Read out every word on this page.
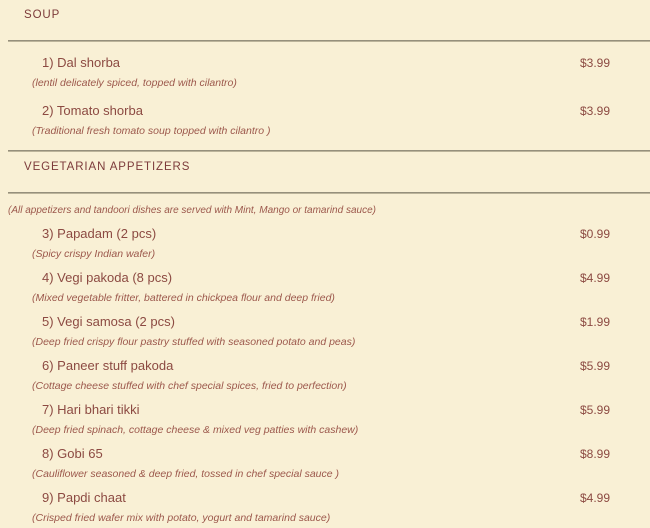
SOUP
1) Dal shorba	$3.99
(lentil delicately spiced, topped with cilantro)
2) Tomato shorba	$3.99
(Traditional fresh tomato soup topped with cilantro )
VEGETARIAN APPETIZERS

(All appetizers and tandoori dishes are served with Mint, Mango or tamarind sauce)

3) Papadam (2 pcs)	$0.99
(Spicy crispy Indian wafer)
4) Vegi pakoda (8 pcs)	$4.99
(Mixed vegetable fritter, battered in chickpea flour and deep fried)
5) Vegi samosa (2 pcs)	$1.99
(Deep fried crispy flour pastry stuffed with seasoned potato and peas)
6) Paneer stuff pakoda	$5.99
(Cottage cheese stuffed with chef special spices, fried to perfection)
7) Hari bhari tikki	$5.99
(Deep fried spinach, cottage cheese & mixed veg patties with cashew)
8) Gobi 65	$8.99
(Cauliflower seasoned & deep fried, tossed in chef special sauce )
9) Papdi chaat	$4.99
(Crisped fried wafer mix with potato, yogurt and tamarind sauce)
